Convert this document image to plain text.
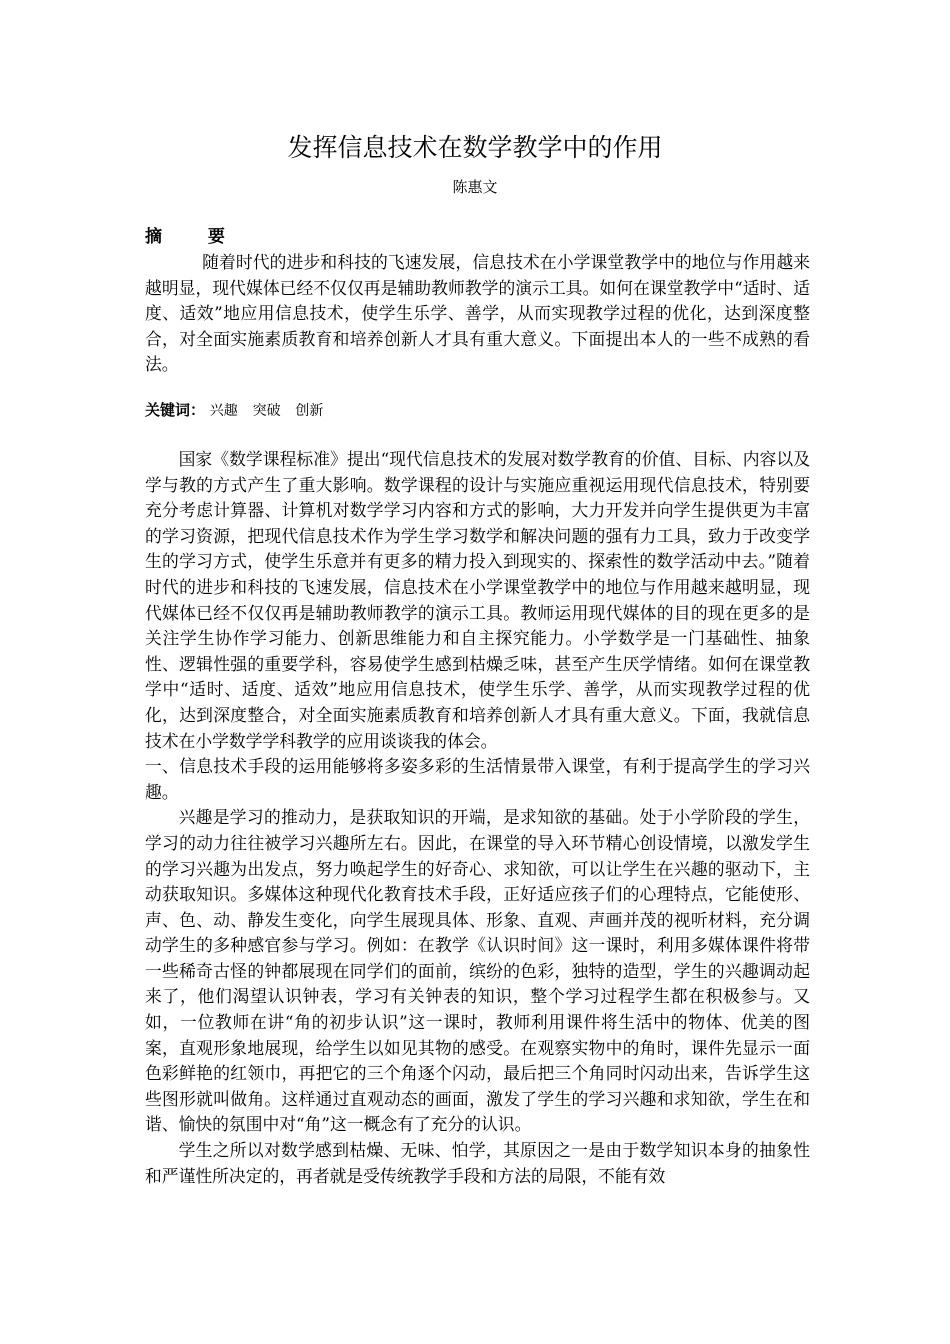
发挥信息技术在数学教学中的作用
陈惠文
摘 要

随着时代的进步和科技的飞速发展，信息技术在小学课堂教学中的地位与作用越来越明显，现代媒体已经不仅仅再是辅助教师教学的演示工具。如何在课堂教学中“适时、适度、适效”地应用信息技术，使学生乐学、善学，从而实现教学过程的优化，达到深度整合，对全面实施素质教育和培养创新人才具有重大意义。下面提出本人的一些不成熟的看法。

关键词： 兴趣 突破 创新

国家《数学课程标准》提出“现代信息技术的发展对数学教育的价值、目标、内容以及学与教的方式产生了重大影响。数学课程的设计与实施应重视运用现代信息技术，特别要充分考虑计算器、计算机对数学学习内容和方式的影响，大力开发并向学生提供更为丰富的学习资源，把现代信息技术作为学生学习数学和解决问题的强有力工具，致力于改变学生的学习方式，使学生乐意并有更多的精力投入到现实的、探索性的数学活动中去。”随着时代的进步和科技的飞速发展，信息技术在小学课堂教学中的地位与作用越来越明显，现代媒体已经不仅仅再是辅助教师教学的演示工具。教师运用现代媒体的目的现在更多的是关注学生协作学习能力、创新思维能力和自主探究能力。小学数学是一门基础性、抽象性、逻辑性强的重要学科，容易使学生感到枯燥乏味，甚至产生厌学情绪。如何在课堂教学中“适时、适度、适效”地应用信息技术，使学生乐学、善学，从而实现教学过程的优化，达到深度整合，对全面实施素质教育和培养创新人才具有重大意义。下面，我就信息技术在小学数学学科教学的应用谈谈我的体会。

一、信息技术手段的运用能够将多姿多彩的生活情景带入课堂，有利于提高学生的学习兴趣。

兴趣是学习的推动力，是获取知识的开端，是求知欲的基础。处于小学阶段的学生，学习的动力往往被学习兴趣所左右。因此，在课堂的导入环节精心创设情境，以激发学生的学习兴趣为出发点，努力唤起学生的好奇心、求知欲，可以让学生在兴趣的驱动下，主动获取知识。多媒体这种现代化教育技术手段，正好适应孩子们的心理特点，它能使形、声、色、动、静发生变化，向学生展现具体、形象、直观、声画并茂的视听材料，充分调动学生的多种感官参与学习。例如：在教学《认识时间》这一课时，利用多媒体课件将带一些稀奇古怪的钟都展现在同学们的面前，缤纷的色彩，独特的造型，学生的兴趣调动起来了，他们渴望认识钟表，学习有关钟表的知识，整个学习过程学生都在积极参与。又如，一位教师在讲“角的初步认识”这一课时，教师利用课件将生活中的物体、优美的图案，直观形象地展现，给学生以如见其物的感受。在观察实物中的角时，课件先显示一面色彩鲜艳的红领巾，再把它的三个角逐个闪动，最后把三个角同时闪动出来，告诉学生这些图形就叫做角。这样通过直观动态的画面，激发了学生的学习兴趣和求知欲，学生在和谐、愉快的氛围中对“角”这一概念有了充分的认识。

学生之所以对数学感到枯燥、无味、怕学，其原因之一是由于数学知识本身的抽象性和严谨性所决定的，再者就是受传统教学手段和方法的局限，不能有效
